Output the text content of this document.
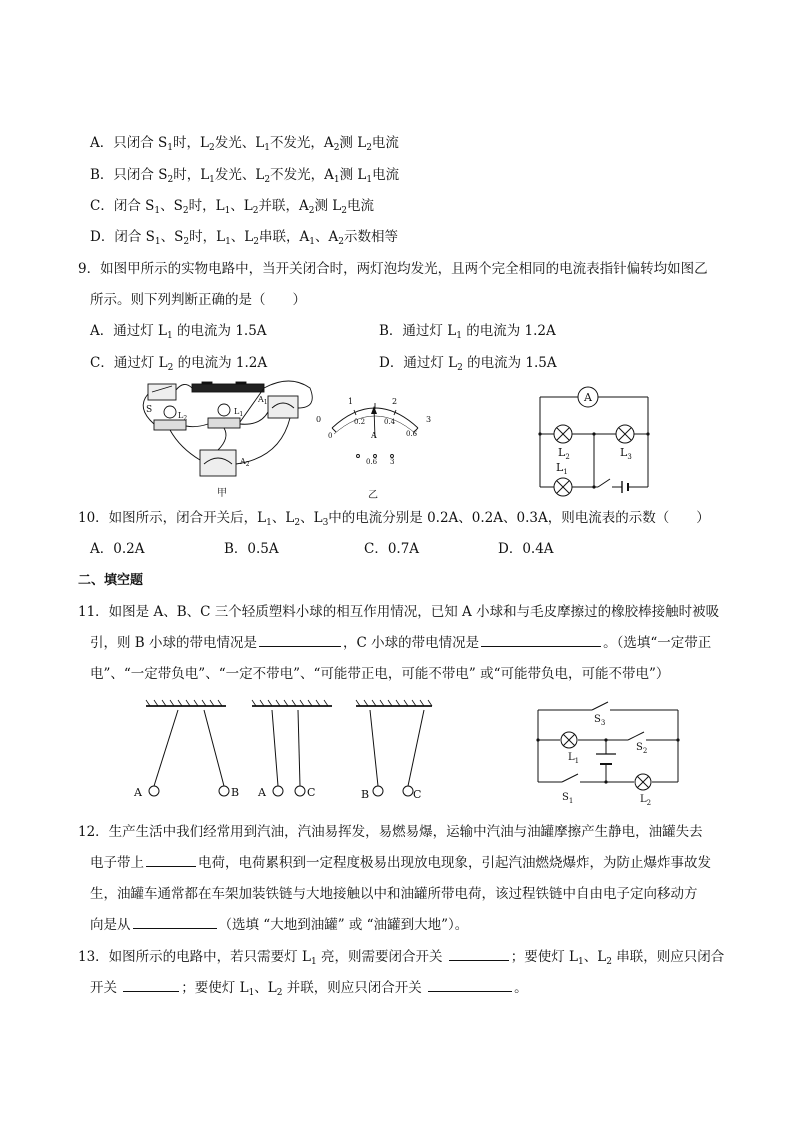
A．只闭合 $S_1$时，$L_2$发光、$L_1$不发光，$A_2$测 $L_2$电流
B．只闭合 $S_2$时，$L_1$发光、$L_2$不发光，$A_1$测 $L_1$电流
C．闭合 $S_1$、$S_2$时，$L_1$、$L_2$并联，$A_2$测 $L_2$电流
D．闭合 $S_1$、$S_2$时，$L_1$、$L_2$串联，$A_1$、$A_2$示数相等
9．如图甲所示的实物电路中，当开关闭合时，两灯泡均发光，且两个完全相同的电流表指针偏转均如图乙
所示。则下列判断正确的是（　　）
A．通过灯 $L_1$ 的电流为 1.5A	B．通过灯 $L_1$ 的电流为 1.2A
C．通过灯 $L_2$ 的电流为 1.2A	D．通过灯 $L_2$ 的电流为 1.5A
S
$L_2$
$L_1$
$A_1$
$A_2$
甲
0
1	2
3
0.2	0.4
0.6
0	A
0.6 3
乙
A
$L_2$	$L_3$
$L_1$
10．如图所示，闭合开关后，$L_1$、$L_2$、$L_3$中的电流分别是 0.2A、0.2A、0.3A，则电流表的示数（　　）
A．0.2A	B．0.5A	C．0.7A	D．0.4A
二、填空题
11．如图是 A、B、C 三个轻质塑料小球的相互作用情况，已知 A 小球和与毛皮摩擦过的橡胶棒接触时被吸
引，则 B 小球的带电情况是	，C 小球的带电情况是	。（选填“一定带正
电”、“一定带负电”、“一定不带电”、“可能带正电，可能不带电” 或“可能带负电，可能不带电”）
A	B A	C	B	C
$S_3$
$S_2$
$S_1$
$L_1$
$L_2$
12．生产生活中我们经常用到汽油，汽油易挥发，易燃易爆，运输中汽油与油罐摩擦产生静电，油罐失去
电子带上	电荷，电荷累积到一定程度极易出现放电现象，引起汽油燃烧爆炸，为防止爆炸事故发
生，油罐车通常都在车架加装铁链与大地接触以中和油罐所带电荷，该过程铁链中自由电子定向移动方
向是从	（选填 “大地到油罐” 或 “油罐到大地”）。
13．如图所示的电路中，若只需要灯 $L_1$ 亮，则需要闭合开关	；要使灯 $L_1$、$L_2$ 串联，则应只闭合
开关	；要使灯 $L_1$、$L_2$ 并联，则应只闭合开关	。
